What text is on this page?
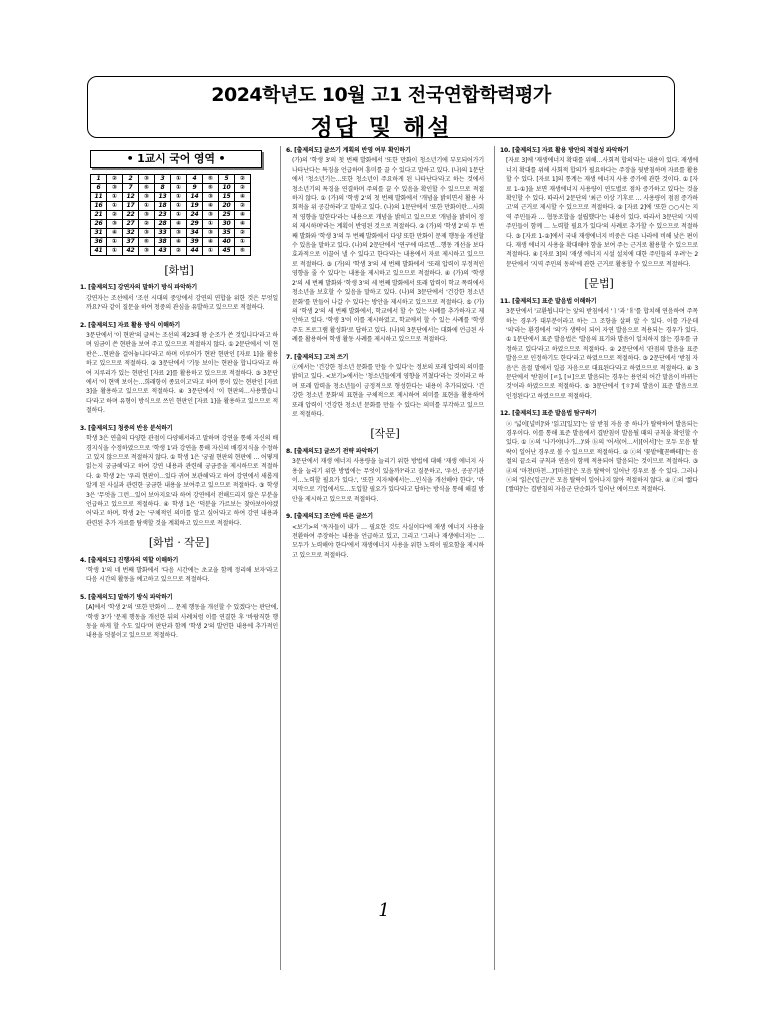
2024학년도 10월 고1 전국연합학력평가
정답 및 해설
• 1교시 국어 영역 •
1	②	2	③	3	①	4	⑤	5	②
6	③	7	⑤	8	①	9	⑤	10	②
11	①	12	③	13	①	14	③	15	④
16	①	17	①	18	①	19	④	20	②
21	②	22	③	23	①	24	③	25	④
26	③	27	②	28	④	29	①	30	④
31	④	32	③	33	③	34	③	35	②
36	①	37	⑤	38	④	39	④	40	①
41	①	42	③	43	②	44	①	45	⑤
[화법]
1. [출제의도] 강연자의 말하기 방식 파악하기
강연자는 조선에서 '조선 시대의 중앙에서 강연의 연합을 위한 것은 무엇일까요?'라 같이 질문을 하여 청중의 관심을 유발하고 있으므로 적절하다.
2. [출제의도] 자료 활용 방식 이해하기
3문단에서 '이 현판'의 글씨는 조선의 제23대 왕 순조가 쓴 것입니다'라고 하며 임금이 쓴 현판을 보여 주고 있으므로 적절하지 않다. ① 2문단에서 '이 현판은…현판을 걸어놓니다'라고 하며 이루어가 현판 현판인 [자료 1]을 활용하고 있으므로 적절하다. ② 3문단에서 '기둥 보이는 현판을 합니다'라고 하여 지루리가 있는 현판인 [자료 2]를 활용하고 있으므로 적절하다. ③ 3문단에서 '이 현액 보이는…희래항이 종묘이고'라고 하며 통이 있는 현판인 [자료 3]을 활용하고 있으므로 적절하다. ④ 3문단에서 '이 현판의…사용했습니다'라고 하며 유형이 방식으로 쓰인 현판인 [자료 1]을 활용하고 있으므로 적절하다.
3. [출제의도] 청중의 반응 분석하기
학생 3은 연출의 다양한 관점이 다양해서라고 말하며 강연을 통해 자신의 배경지식을 수정하였으므로 '학생 1'과 강연을 통해 자신의 배경지식을 수정하고 있지 않으므로 적절하지 않다. ① 학생 1은 '궁궐 현판의 현판에 … 어떻게 읽는지 궁금해'라고 하여 강연 내용과 관련해 궁금증을 제시하므로 적절하다. ② 학생 2는 '우리 현판이…있다 귀여 보관해'라고 하여 강연에서 새롭게 알게 된 사실과 관련한 궁금한 내용을 보여주고 있으므로 적절하다. ③ 학생 3은 '무엇을 그런…있어 보아지요'라 하여 강연에서 전해드리지 않은 부분을 언급하고 있으므로 적절하다. ④ 학생 1은 '덕분을 가르보는 찾아보아야겠어'라고 하며, 학생 2는 '구체적인 의미를 알고 싶어'라고 하여 강연 내용과 관련된 추가 자료를 탐색할 것을 계획하고 있으므로 적절하다.
[화법 · 작문]
4. [출제의도] 진행자의 역할 이해하기
'학생 1'의 네 번째 발화에서 '다음 시간에는 초교을 함께 정리해 보자'라고 다음 시간의 활동을 예고하고 있으므로 적절하다.
5. [출제의도] 말하기 방식 파악하기
[A]에서 '학생 2'의 '또한 만화이 … 문제 행동을 개선할 수 있겠다'는 판단에, '학생 3'가 '문제 행동을 개선한 뒤의 사례처럼 이를 연결한 후 '바람직한 행동을 하게 할 수도 있다'며 판단과 함께 '학생 2'의 발언한 내용에 추가적인 내용을 덧붙이고 있으므로 적절하다.
6. [출제의도] 글쓰기 계획의 반영 여부 확인하기
(가)의 '학생 3'의 첫 번째 발화에서 '또한 만화이 청소년기에 부모되어가기 나타난다는 특징을 언급하며 흥미를 끌 수 있다고 말하고 있다. (나)의 1문단에서 '청소년기는…또한 청소년이 주요하게 된 나타난다'라고 하는 것에서 청소년기의 특징을 연결하며 주의를 끌 수 있음을 확인할 수 있으므로 적절하지 않다. ① (가)의 '학생 2'의 첫 번째 발화에서 '개념을 밝히면서 활용 사회적을 위 공감하라'고 말하고 있다. (나)의 1문단에서 '또한 만화이란…사회적 영향을 말한다'라는 내용으로 개념을 밝히고 있으므로 '개념을 밝히어 정의 제시하며'라는 계획이 반영된 것으로 적절하다. ② (가)의 '학생 2'의 두 번째 발화와 '학생 3'의 두 번째 발화에서 다양 또한 만화이 문제 행동을 개선할 수 있음을 말하고 있다. (나)의 2문단에서 '연구에 따르면…행동 개선을 보다 효과적으로 이끌어 낼 수 있다고 한다'라는 내용에서 자료 제시하고 있으므로 적절하다. ③ (가)의 '학생 3'의 세 번째 발화에서 '또래 압력이 부정적인 영향을 줄 수 있다'는 내용을 제시하고 있으므로 적절하다. ④ (가)의 '학생 2'의 세 번째 발화와 '학생 3'의 세 번째 발화에서 또래 압력이 학교 폭력에서 청소년을 보호할 수 있음을 말하고 있다. (나)의 3문단에서 '건강한 청소년 문화'를 만들어 나갈 수 있다는 방안을 제시하고 있으므로 적절하다. ⑤ (가)의 '학생 2'의 세 번째 발화에서, 학교에서 할 수 있는 사례를 추가하자고 제안하고 있다. '학생 3'이 이를 제시하였고, 학교에서 할 수 있는 사례를 '학생 주도 프로그램 활성화'로 답하고 있다. (나)의 3문단에서는 대화에 언급된 사례를 활용하여 학생 활동 사례를 제시하고 있으므로 적절하다.
7. [출제의도] 고쳐 쓰기
ⓒ에서는 '건강한 청소년 문화를 만들 수 있다'는 정보의 또래 압력의 의미를 밝히고 있다. <보기>에서는 '청소년들에게 영향을 끼쳤다'라는 것이라고 하며 또래 압력을 청소년들이 긍정적으로 형성한다는 내용이 추가되었다. '건강한 청소년 문화'의 표현을 구체적으로 제시하여 의미를 표현을 활용하여 또래 압력이 '건강한 청소년 문화를 만들 수 있다는 의미를 부각하고 있으므로 적절하다.
[작문]
8. [출제의도] 글쓰기 전략 파악하기
3문단에서 재생 에너지 사용량을 늘리기 위한 방법에 대해 '재생 에너지 사용을 늘리기 위한 방법에는 무엇이 있을까?'라고 질문하고, '우선, 공공기관이…노력할 필요가 있다.', '또한 지자체에서는…인식을 개선해야 한다', '마지막으로 기업에서도…도입할 필요가 있다'라고 답하는 방식을 통해 해결 방안을 제시하고 있으므로 적절하다.
9. [출제의도] 조언에 따른 글쓰기
<보기>의 '독자들이 내가 … 필요한 것도 사실이다'에 재생 에너지 사용을 전환하여 주장하는 내용을 언급하고 있고, 그리고 '그러나 재생에너지는 … 모두가 노력해야 한다'에서 재생에너지 사용을 위한 노력이 필요함을 제시하고 있으므로 적절하다.
10. [출제의도] 자료 활용 방안의 적절성 파악하기
[자료 3]에 '재생에너지 확대를 위해…사회적 합의'라는 내용이 있다. 재생에너지 확대를 위해 사회적 합의가 필요하다는 주장을 뒷받침하며 자료를 활용할 수 있다. [자료 1]의 통계는 재생 에너지 사용 증가에 관한 것이다. ① [자료 1-①]을 보면 재생에너지 사용량이 연도별로 점차 증가하고 있다는 것을 확인할 수 있다. 따라서 2문단의 '최근 이상 기후로 … 사용량이 점점 증가하고'의 근거로 제시할 수 있으므로 적절하다. ② [자료 2]에 '또한 ○○시는 지역 주민들과 … 협동조합을 설립했다'는 내용이 있다. 따라서 3문단의 '지역 주민들이 함께 … 노력할 필요가 있다'의 사례로 추가할 수 있으므로 적절하다. ③ [자료 1-②]에서 국내 재생에너지 비중은 다른 나라에 비해 낮은 편이다. 재생 에너지 사용을 확대해야 함을 보여 주는 근거로 활용할 수 있으므로 적절하다. ④ [자료 3]의 '재생 에너지 시설 설치에 대한 주민들의 우려'는 2문단에서 '지역 주민의 동의'에 관한 근거로 활용할 수 있으므로 적절하다.
[문법]
11. [출제의도] 표준 발음법 이해하기
3문단에서 '교환됩니다'는 앞의 받침에서 'ㅣ'과 'ㅐ'를 합치해 연음하여 주목하는 경우가 대부분이라고 하는 그 조항을 살펴 알 수 있다. 이를 가운데 '의'라는 환경에서 '의'가 생략이 되어 자연 발음으로 적용되는 경우가 있다. ① 1문단에서 표준 발음법은 '발음의 표기와 발음이 일치하지 않는 경우를 규정하고 있다'라고 하였으므로 적절하다. ② 2문단에서 '관점의 발음을 표준 발음으로 인정하기도 한다'라고 하였으므로 적절하다. ③ 2문단에서 '받침 자음'은 음절 말에서 일곱 자음으로 대표된다'라고 하였으므로 적절하다. ④ 3문단에서 '받침이 [ㄹ], [ㅂ]으로 발음되는 경우는 용언의 어간 말음이 바뀌는 것'이라 하였으므로 적절하다. ⑤ 3문단에서 '[ㅎ]'의 발음이 표준 발음으로 인정된다'고 하였으므로 적절하다.
12. [출제의도] 표준 발음법 탐구하기
ⓐ '넓이[널비]'와 '읽고[일꼬]'는 앞 받침 자음 중 하나가 탈락하여 발음되는 경우이다. 이를 통해 표준 발음에서 겹받침이 발음될 때의 규칙을 확인할 수 있다. ① ⓐ의 '나가야(나가…)'와 ⓑ의 '어서(어…서)[어서]'는 모두 모음 탈락이 일어난 경우로 볼 수 있으므로 적절하다. ② ⓒ의 '꽃밭에[꼳빠테]'는 음절의 끝소리 규칙과 연음이 함께 적용되어 발음되는 것이므로 적절하다. ③ ⓓ의 '마천(마천…)'[마천]'은 모음 탈락이 일어난 경우로 볼 수 있다. 그러나 ⓔ의 '읽은(일근)'은 모음 탈락이 일어나지 않아 적절하지 않다. ④ ⓕ의 '짧다[짤따]'는 겹받침의 자음군 단순화가 일어난 예이므로 적절하다.
1
